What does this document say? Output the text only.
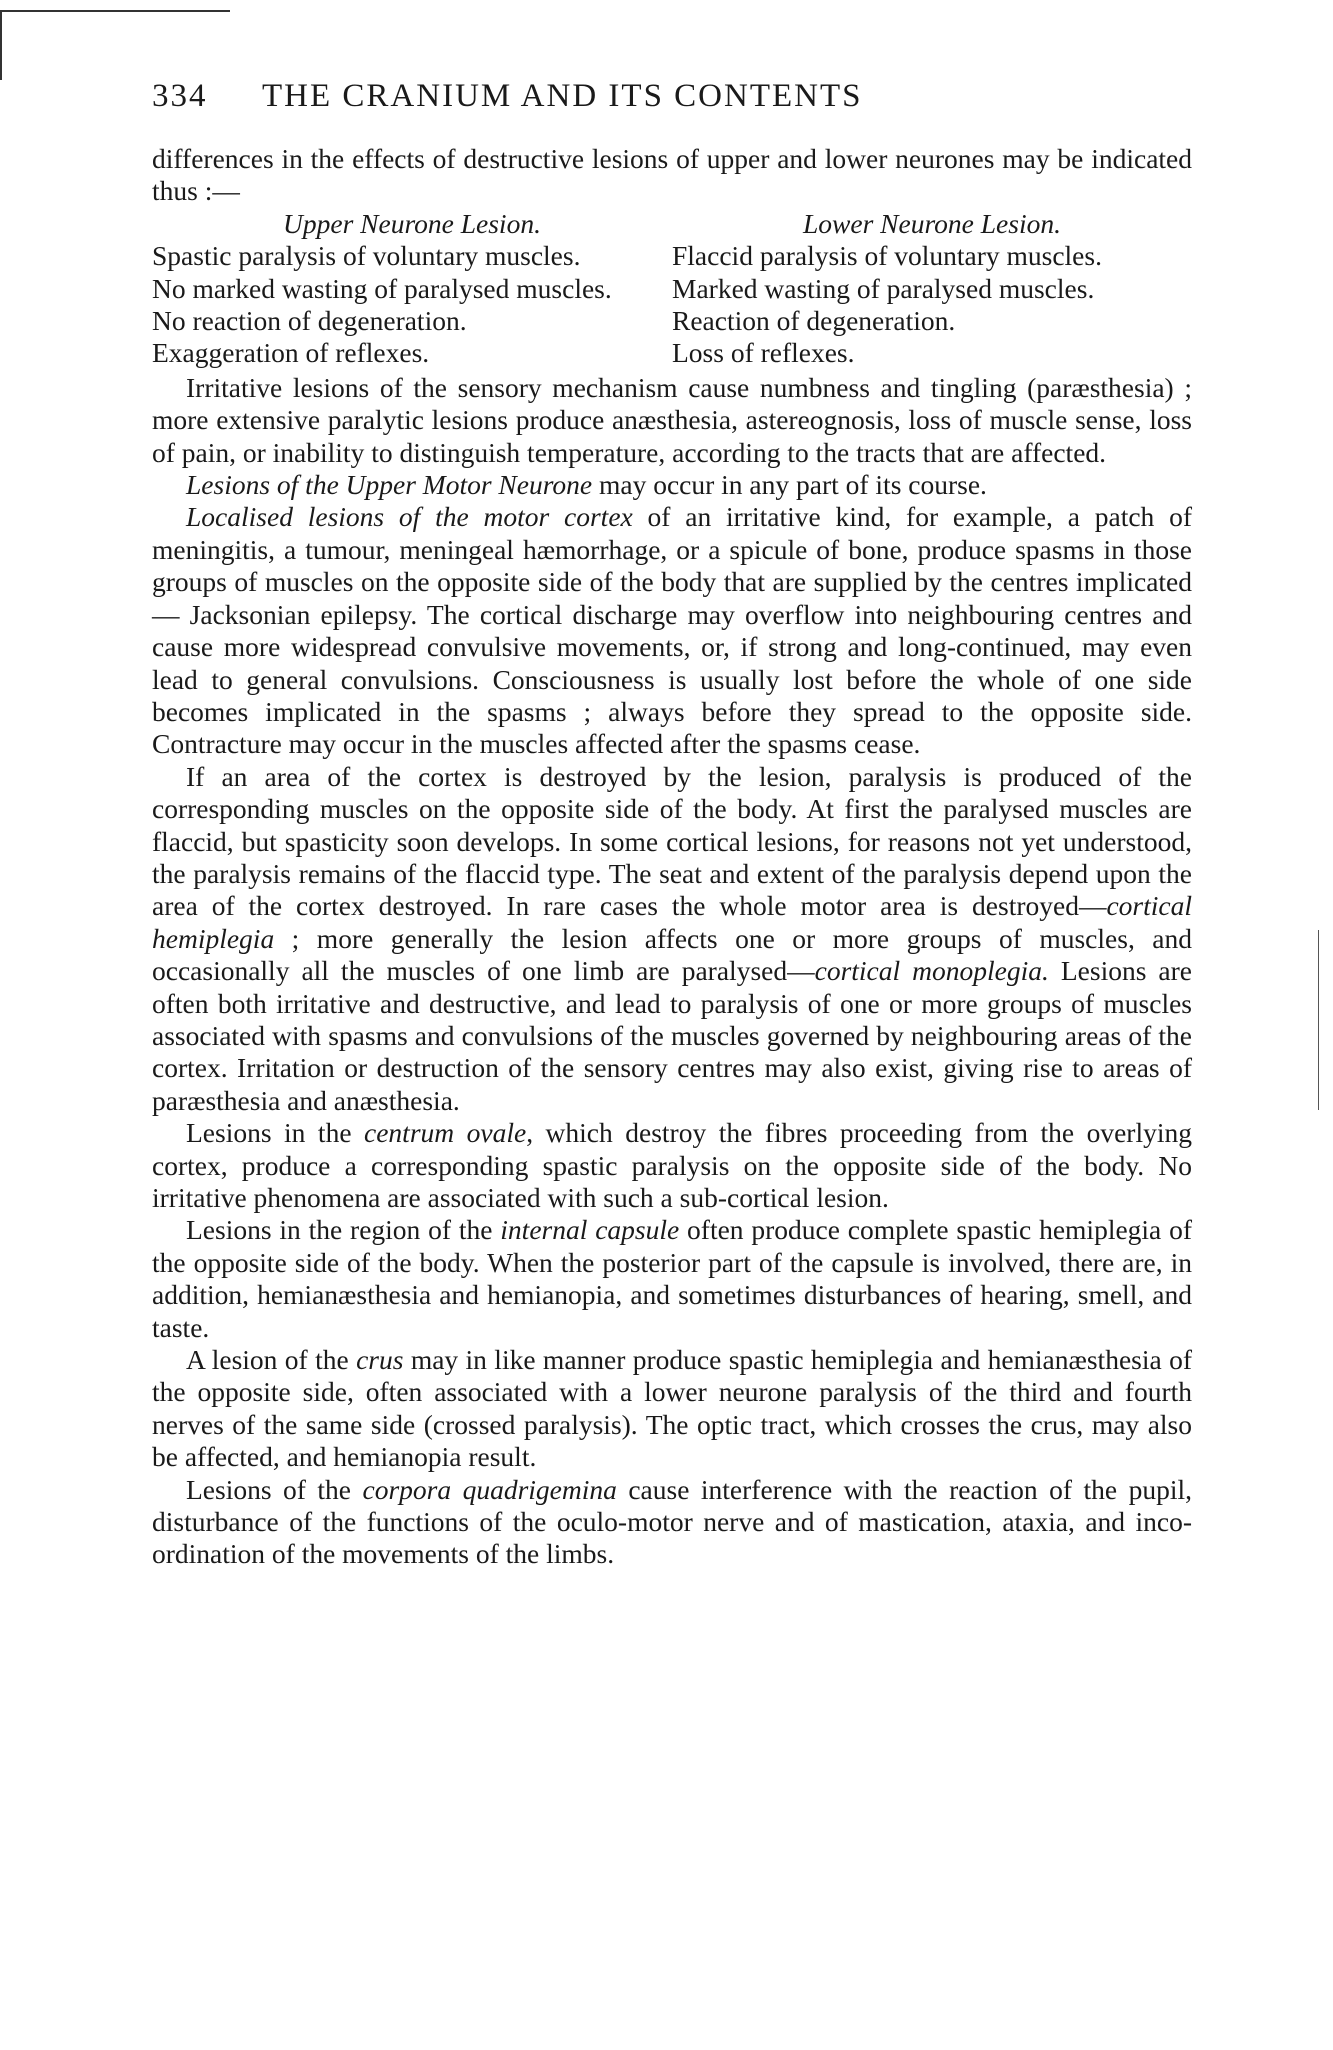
334	THE CRANIUM AND ITS CONTENTS

differences in the effects of destructive lesions of upper and lower neurones may be indicated thus :—

Upper Neurone Lesion.
Spastic paralysis of voluntary muscles.
No marked wasting of paralysed muscles.
No reaction of degeneration.
Exaggeration of reflexes.
Lower Neurone Lesion.
Flaccid paralysis of voluntary muscles.
Marked wasting of paralysed muscles.
Reaction of degeneration.
Loss of reflexes.

Irritative lesions of the sensory mechanism cause numbness and tingling (paræsthesia) ; more extensive paralytic lesions produce anæsthesia, astereognosis, loss of muscle sense, loss of pain, or inability to distinguish temperature, according to the tracts that are affected.

Lesions of the Upper Motor Neurone may occur in any part of its course.

Localised lesions of the motor cortex of an irritative kind, for example, a patch of meningitis, a tumour, meningeal hæmorrhage, or a spicule of bone, produce spasms in those groups of muscles on the opposite side of the body that are supplied by the centres implicated — Jacksonian epilepsy. The cortical discharge may overflow into neighbouring centres and cause more widespread convulsive movements, or, if strong and long-continued, may even lead to general convulsions. Consciousness is usually lost before the whole of one side becomes implicated in the spasms ; always before they spread to the opposite side. Contracture may occur in the muscles affected after the spasms cease.

If an area of the cortex is destroyed by the lesion, paralysis is produced of the corresponding muscles on the opposite side of the body. At first the paralysed muscles are flaccid, but spasticity soon develops. In some cortical lesions, for reasons not yet understood, the paralysis remains of the flaccid type. The seat and extent of the paralysis depend upon the area of the cortex destroyed. In rare cases the whole motor area is destroyed—cortical hemiplegia ; more generally the lesion affects one or more groups of muscles, and occasionally all the muscles of one limb are paralysed—cortical monoplegia. Lesions are often both irritative and destructive, and lead to paralysis of one or more groups of muscles associated with spasms and convulsions of the muscles governed by neighbouring areas of the cortex. Irritation or destruction of the sensory centres may also exist, giving rise to areas of paræsthesia and anæsthesia.

Lesions in the centrum ovale, which destroy the fibres proceeding from the overlying cortex, produce a corresponding spastic paralysis on the opposite side of the body. No irritative phenomena are associated with such a sub-cortical lesion.

Lesions in the region of the internal capsule often produce complete spastic hemiplegia of the opposite side of the body. When the posterior part of the capsule is involved, there are, in addition, hemianæsthesia and hemianopia, and sometimes disturbances of hearing, smell, and taste.

A lesion of the crus may in like manner produce spastic hemiplegia and hemianæsthesia of the opposite side, often associated with a lower neurone paralysis of the third and fourth nerves of the same side (crossed paralysis). The optic tract, which crosses the crus, may also be affected, and hemianopia result.

Lesions of the corpora quadrigemina cause interference with the reaction of the pupil, disturbance of the functions of the oculo-motor nerve and of mastication, ataxia, and inco-ordination of the movements of the limbs.
